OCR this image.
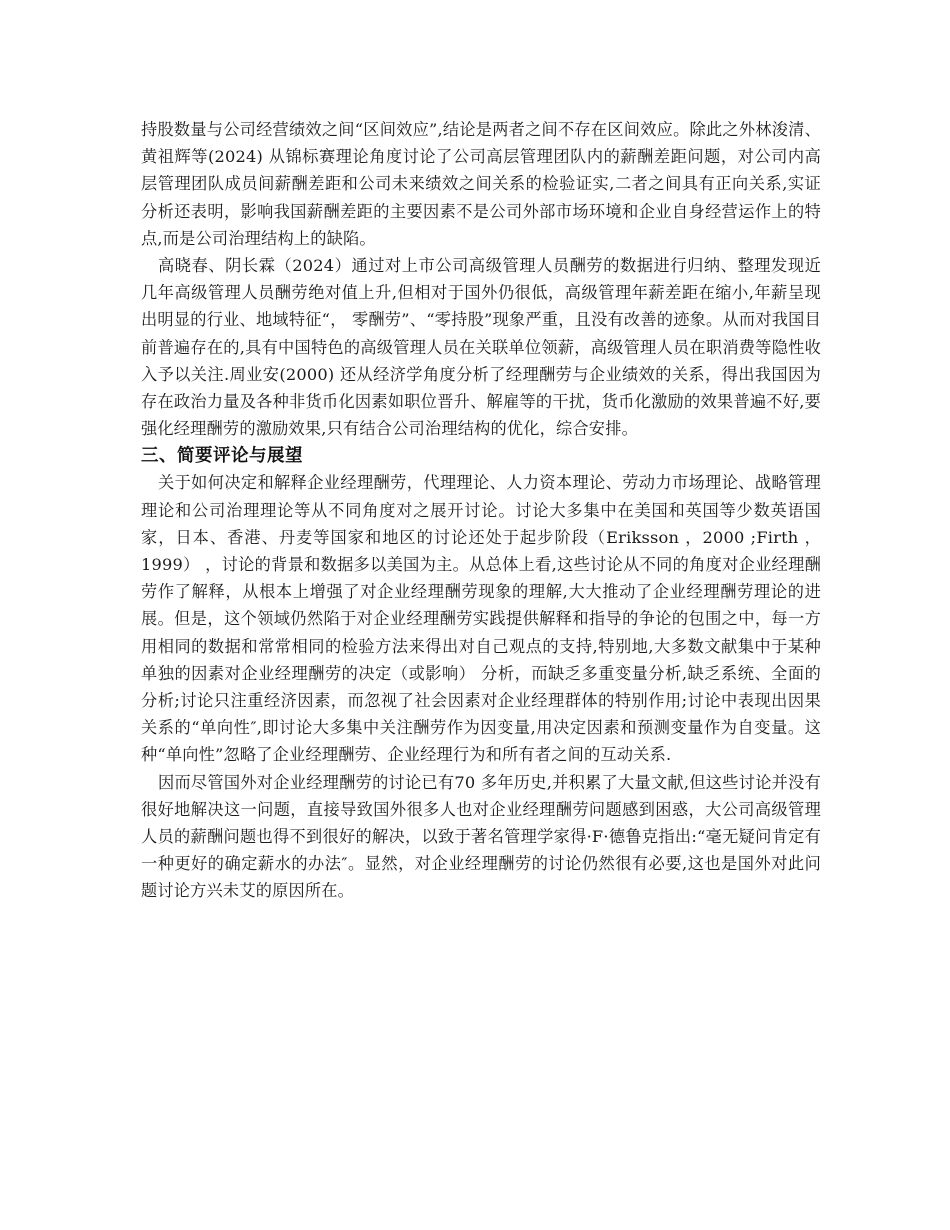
持股数量与公司经营绩效之间“区间效应”,结论是两者之间不存在区间效应。除此之外林浚清、黄祖辉等(2024) 从锦标赛理论角度讨论了公司高层管理团队内的薪酬差距问题，对公司内高层管理团队成员间薪酬差距和公司未来绩效之间关系的检验证实,二者之间具有正向关系,实证分析还表明，影响我国薪酬差距的主要因素不是公司外部市场环境和企业自身经营运作上的特点,而是公司治理结构上的缺陷。

高晓春、阴长霖（2024）通过对上市公司高级管理人员酬劳的数据进行归纳、整理发现近几年高级管理人员酬劳绝对值上升,但相对于国外仍很低，高级管理年薪差距在缩小,年薪呈现出明显的行业、地域特征“， 零酬劳”、“零持股”现象严重，且没有改善的迹象。从而对我国目前普遍存在的,具有中国特色的高级管理人员在关联单位领薪，高级管理人员在职消费等隐性收入予以关注.周业安(2000) 还从经济学角度分析了经理酬劳与企业绩效的关系，得出我国因为存在政治力量及各种非货币化因素如职位晋升、解雇等的干扰，货币化激励的效果普遍不好,要强化经理酬劳的激励效果,只有结合公司治理结构的优化，综合安排。

三、简要评论与展望

关于如何决定和解释企业经理酬劳，代理理论、人力资本理论、劳动力市场理论、战略管理理论和公司治理理论等从不同角度对之展开讨论。讨论大多集中在美国和英国等少数英语国家，日本、香港、丹麦等国家和地区的讨论还处于起步阶段（Eriksson ，2000 ;Firth ，1999） ，讨论的背景和数据多以美国为主。从总体上看,这些讨论从不同的角度对企业经理酬劳作了解释，从根本上增强了对企业经理酬劳现象的理解,大大推动了企业经理酬劳理论的进展。但是，这个领域仍然陷于对企业经理酬劳实践提供解释和指导的争论的包围之中，每一方用相同的数据和常常相同的检验方法来得出对自己观点的支持,特别地,大多数文献集中于某种单独的因素对企业经理酬劳的决定（或影响） 分析，而缺乏多重变量分析,缺乏系统、全面的分析;讨论只注重经济因素，而忽视了社会因素对企业经理群体的特别作用;讨论中表现出因果关系的“单向性″,即讨论大多集中关注酬劳作为因变量,用决定因素和预测变量作为自变量。这种“单向性”忽略了企业经理酬劳、企业经理行为和所有者之间的互动关系.

因而尽管国外对企业经理酬劳的讨论已有70 多年历史,并积累了大量文献,但这些讨论并没有很好地解决这一问题，直接导致国外很多人也对企业经理酬劳问题感到困惑，大公司高级管理人员的薪酬问题也得不到很好的解决，以致于著名管理学家得·F·德鲁克指出:“毫无疑问肯定有一种更好的确定薪水的办法″。显然，对企业经理酬劳的讨论仍然很有必要,这也是国外对此问题讨论方兴未艾的原因所在。
